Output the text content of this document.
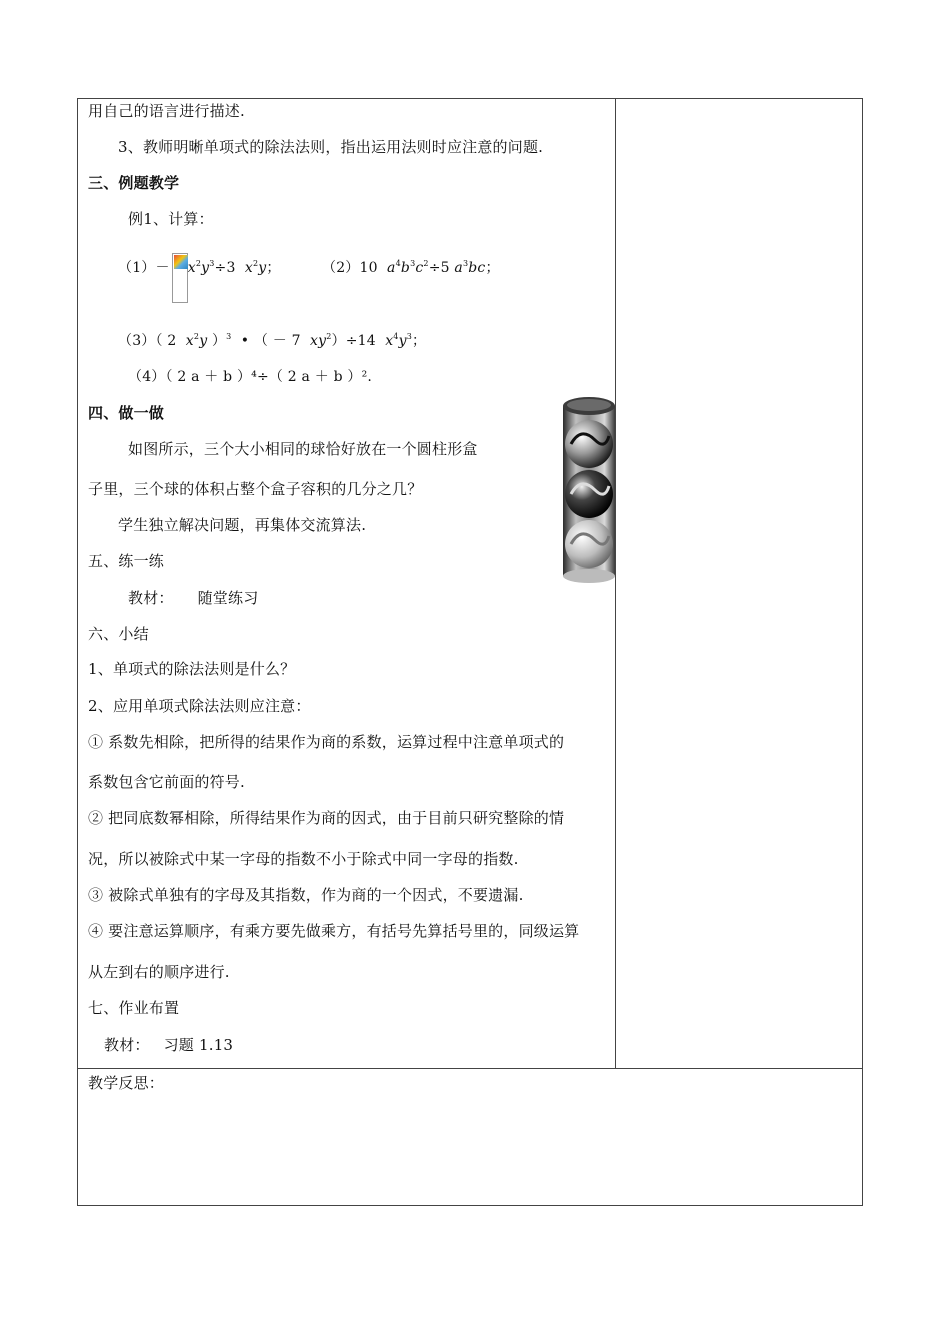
用自己的语言进行描述.
3、教师明晰单项式的除法法则，指出运用法则时应注意的问题.
三、例题教学
例1、计算：
$(1)- x^2y^3\div 3$ $x^2y$；	（2）10 $a^4b^3c^2\div 5$ $a^3bc$；
（3）（ 2 $x^2y$ ）$^3$ • （ － 7 $xy^2)\div 14$ $x^4y^3$；
（4）（ 2 a ＋ b ）⁴÷（ 2 a ＋ b ）².
四、做一做
如图所示，三个大小相同的球恰好放在一个圆柱形盒
子里，三个球的体积占整个盒子容积的几分之几？
学生独立解决问题，再集体交流算法.
五、练一练
教材： 随堂练习
六、小结
1、单项式的除法法则是什么？
2、应用单项式除法法则应注意：
① 系数先相除，把所得的结果作为商的系数，运算过程中注意单项式的
系数包含它前面的符号.
② 把同底数幂相除，所得结果作为商的因式，由于目前只研究整除的情
况，所以被除式中某一字母的指数不小于除式中同一字母的指数.
③ 被除式单独有的字母及其指数，作为商的一个因式，不要遗漏.
④ 要注意运算顺序，有乘方要先做乘方，有括号先算括号里的，同级运算
从左到右的顺序进行.
七、作业布置
教材： 习题 1.13
教学反思：
